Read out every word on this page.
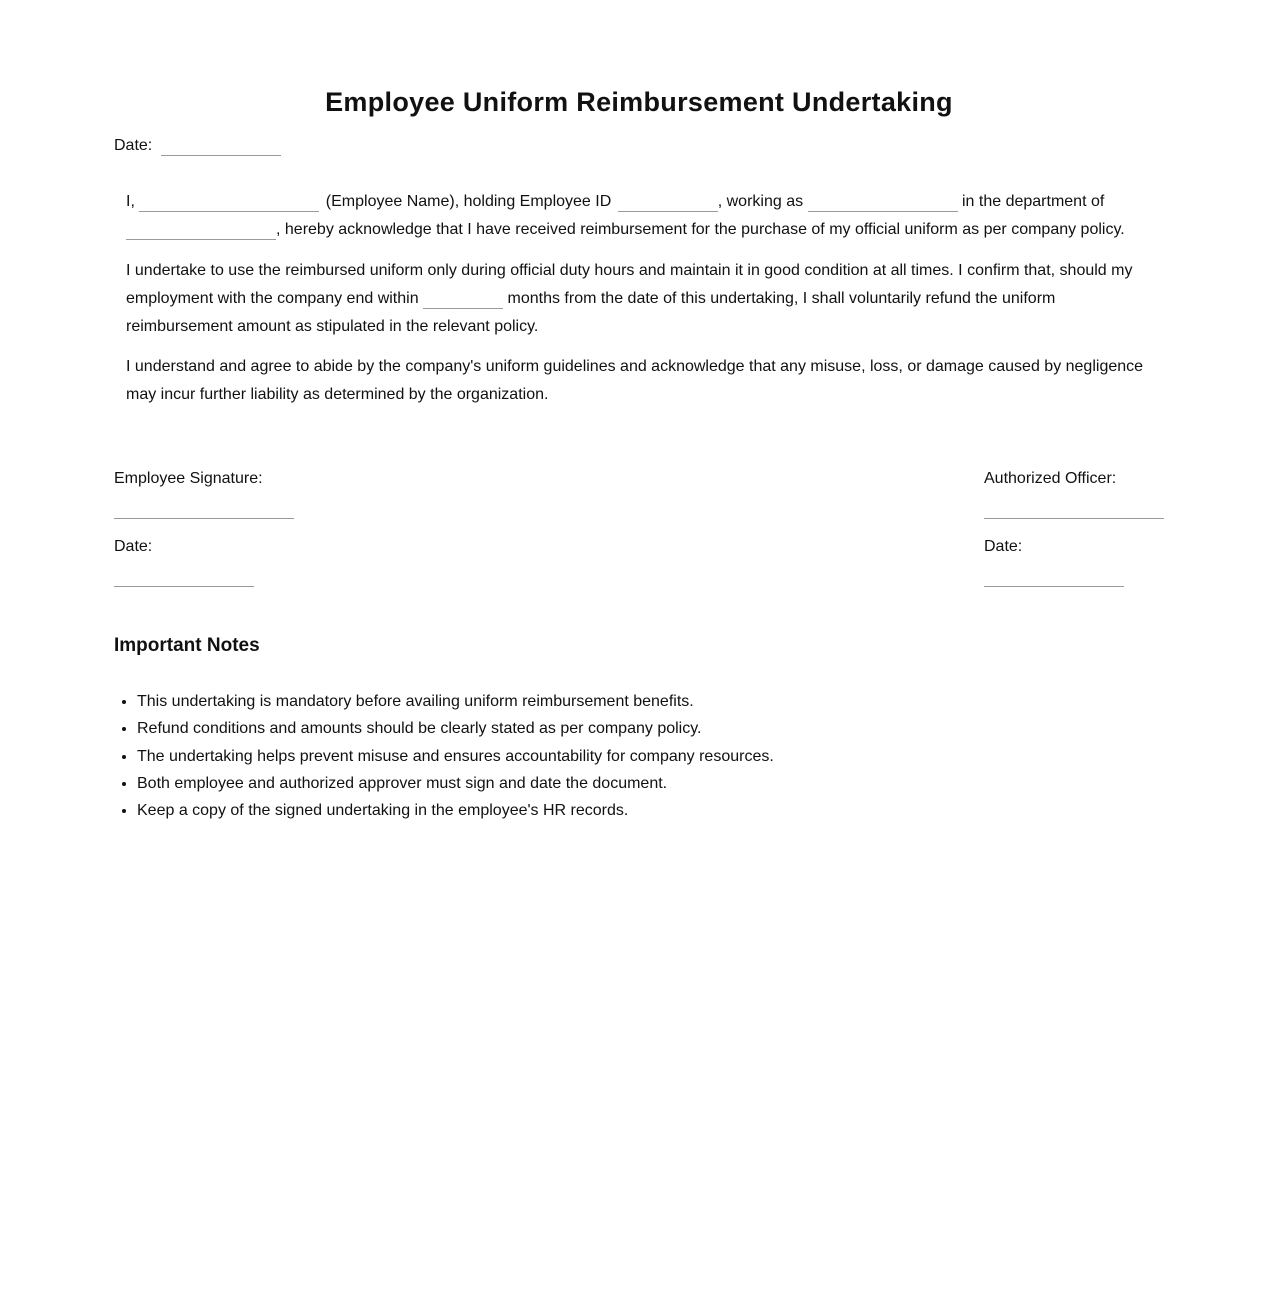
Employee Uniform Reimbursement Undertaking
Date:

I,	(Employee Name), holding Employee ID	, working as	in the department of
, hereby acknowledge that I have received reimbursement for the purchase of my official uniform as per company policy.

I undertake to use the reimbursed uniform only during official duty hours and maintain it in good condition at all times. I confirm that, should my employment with the company end within	months from the date of this undertaking, I shall voluntarily refund the uniform reimbursement amount as stipulated in the relevant policy.

I understand and agree to abide by the company's uniform guidelines and acknowledge that any misuse, loss, or damage caused by negligence may incur further liability as determined by the organization.

Employee Signature:
Date:
Authorized Officer:
Date:
Important Notes
• This undertaking is mandatory before availing uniform reimbursement benefits.
• Refund conditions and amounts should be clearly stated as per company policy.
• The undertaking helps prevent misuse and ensures accountability for company resources.
• Both employee and authorized approver must sign and date the document.
• Keep a copy of the signed undertaking in the employee's HR records.
